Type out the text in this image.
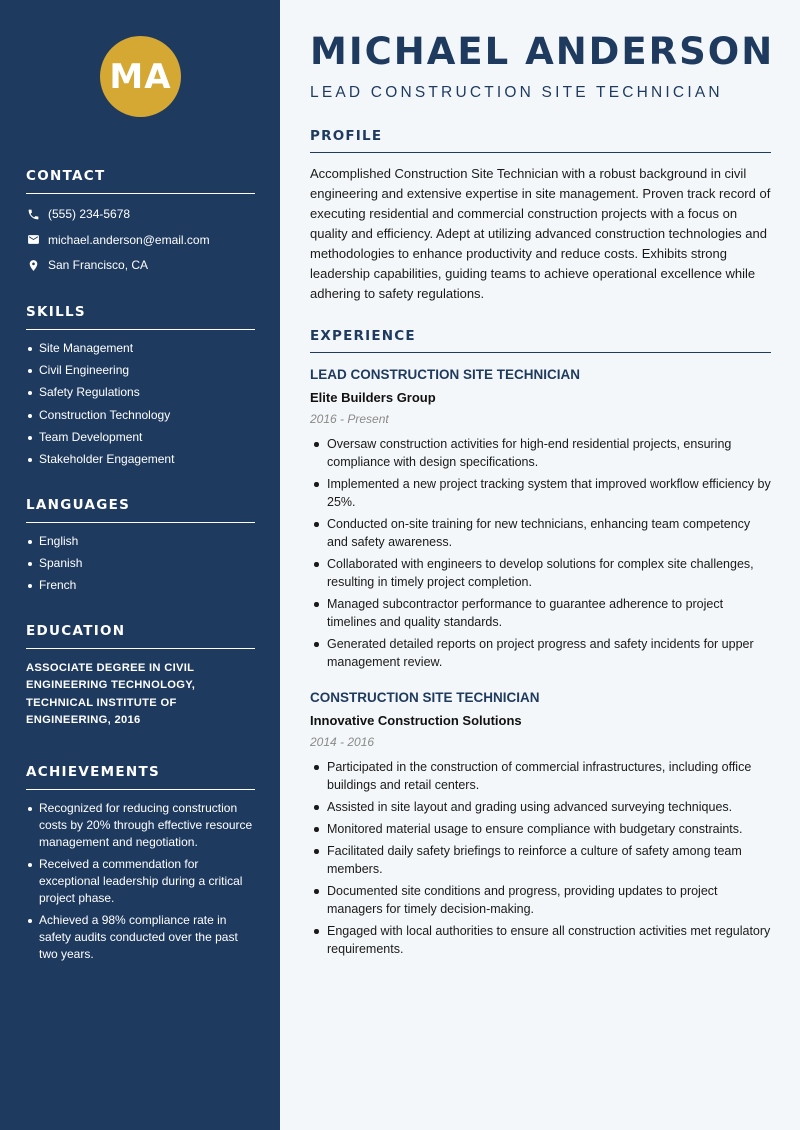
MA
CONTACT
(555) 234-5678
michael.anderson@email.com
San Francisco, CA
SKILLS
Site Management
Civil Engineering
Safety Regulations
Construction Technology
Team Development
Stakeholder Engagement
LANGUAGES
English
Spanish
French
EDUCATION

ASSOCIATE DEGREE IN CIVIL ENGINEERING TECHNOLOGY, TECHNICAL INSTITUTE OF ENGINEERING, 2016

ACHIEVEMENTS
Recognized for reducing construction costs by 20% through effective resource management and negotiation.
Received a commendation for exceptional leadership during a critical project phase.
Achieved a 98% compliance rate in safety audits conducted over the past two years.
MICHAEL ANDERSON
LEAD CONSTRUCTION SITE TECHNICIAN
PROFILE

Accomplished Construction Site Technician with a robust background in civil engineering and extensive expertise in site management. Proven track record of executing residential and commercial construction projects with a focus on quality and efficiency. Adept at utilizing advanced construction technologies and methodologies to enhance productivity and reduce costs. Exhibits strong leadership capabilities, guiding teams to achieve operational excellence while adhering to safety regulations.

EXPERIENCE
LEAD CONSTRUCTION SITE TECHNICIAN
Elite Builders Group
2016 - Present
Oversaw construction activities for high-end residential projects, ensuring compliance with design specifications.
Implemented a new project tracking system that improved workflow efficiency by 25%.
Conducted on-site training for new technicians, enhancing team competency and safety awareness.
Collaborated with engineers to develop solutions for complex site challenges, resulting in timely project completion.
Managed subcontractor performance to guarantee adherence to project timelines and quality standards.
Generated detailed reports on project progress and safety incidents for upper management review.
CONSTRUCTION SITE TECHNICIAN
Innovative Construction Solutions
2014 - 2016
Participated in the construction of commercial infrastructures, including office buildings and retail centers.
Assisted in site layout and grading using advanced surveying techniques.
Monitored material usage to ensure compliance with budgetary constraints.
Facilitated daily safety briefings to reinforce a culture of safety among team members.
Documented site conditions and progress, providing updates to project managers for timely decision-making.
Engaged with local authorities to ensure all construction activities met regulatory requirements.
